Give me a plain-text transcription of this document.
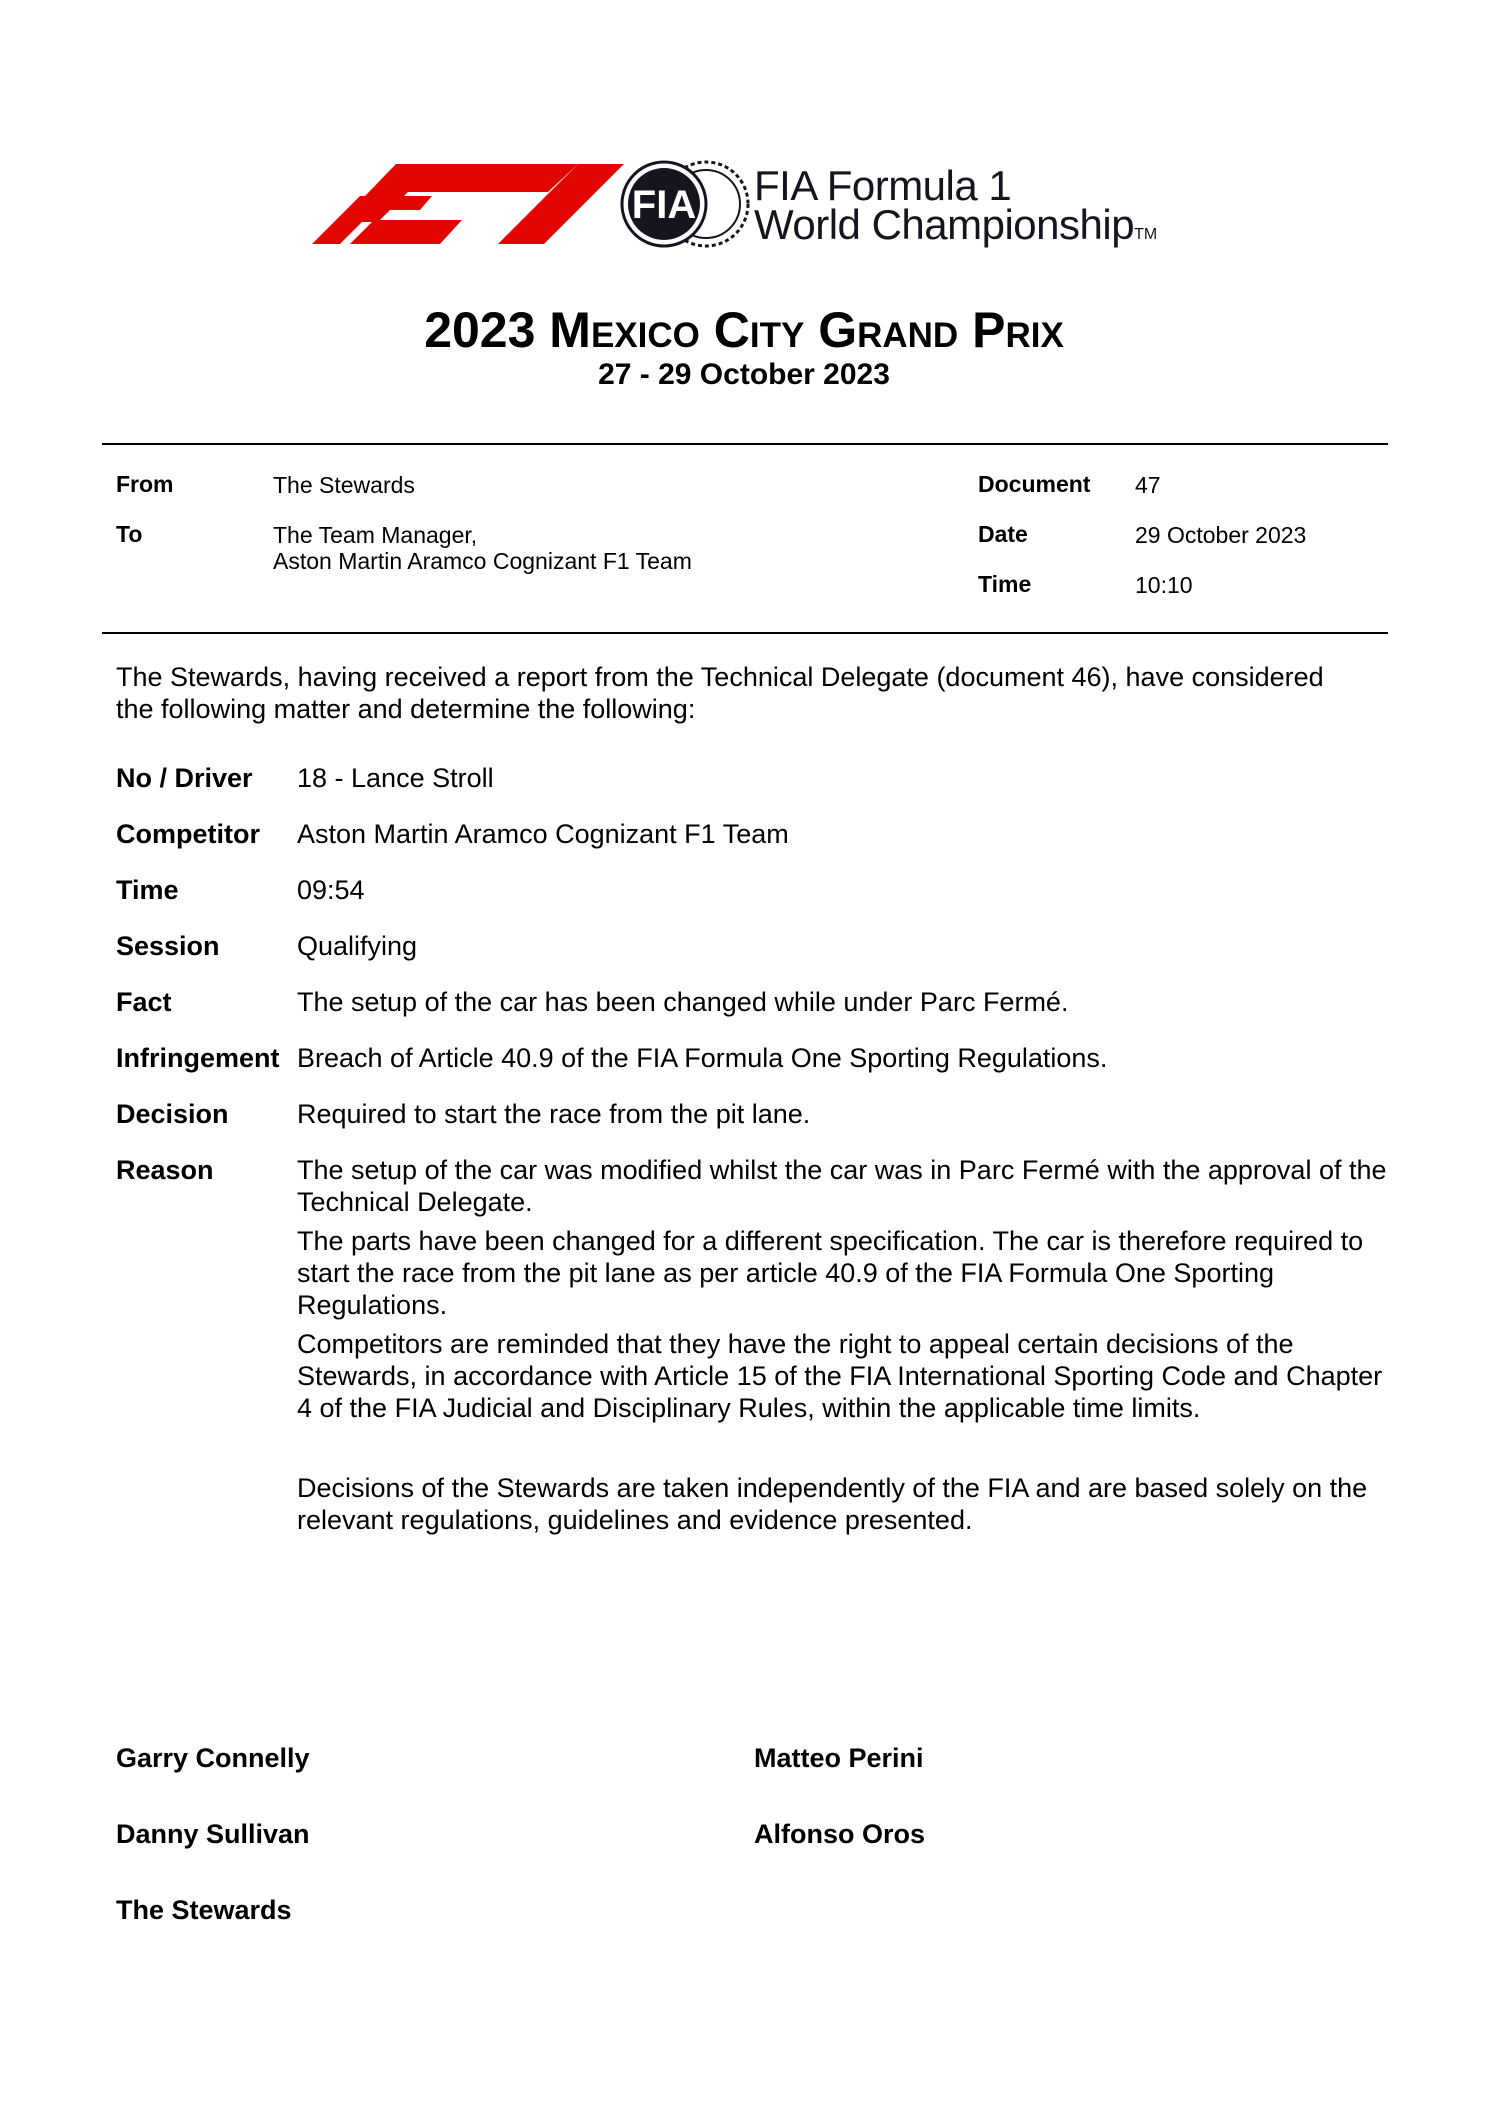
FIA FIA Formula 1
World ChampionshipTM
2023 Mexico City Grand Prix
27 - 29 October 2023
From	The Stewards
To	The Team Manager,
Aston Martin Aramco Cognizant F1 Team
Document 47
Date	29 October 2023
Time	10:10
The Stewards, having received a report from the Technical Delegate (document 46), have considered the following matter and determine the following:
No / Driver 18 - Lance Stroll
Competitor Aston Martin Aramco Cognizant F1 Team
Time	09:54
Session	Qualifying
Fact	The setup of the car has been changed while under Parc Fermé.
Infringement Breach of Article 40.9 of the FIA Formula One Sporting Regulations.
Decision	Required to start the race from the pit lane.
Reason	The setup of the car was modified whilst the car was in Parc Fermé with the approval of the Technical Delegate.
The parts have been changed for a different specification. The car is therefore required to start the race from the pit lane as per article 40.9 of the FIA Formula One Sporting Regulations.
Competitors are reminded that they have the right to appeal certain decisions of the Stewards, in accordance with Article 15 of the FIA International Sporting Code and Chapter 4 of the FIA Judicial and Disciplinary Rules, within the applicable time limits.
Decisions of the Stewards are taken independently of the FIA and are based solely on the relevant regulations, guidelines and evidence presented.
Garry Connelly	Matteo Perini
Danny Sullivan	Alfonso Oros
The Stewards
